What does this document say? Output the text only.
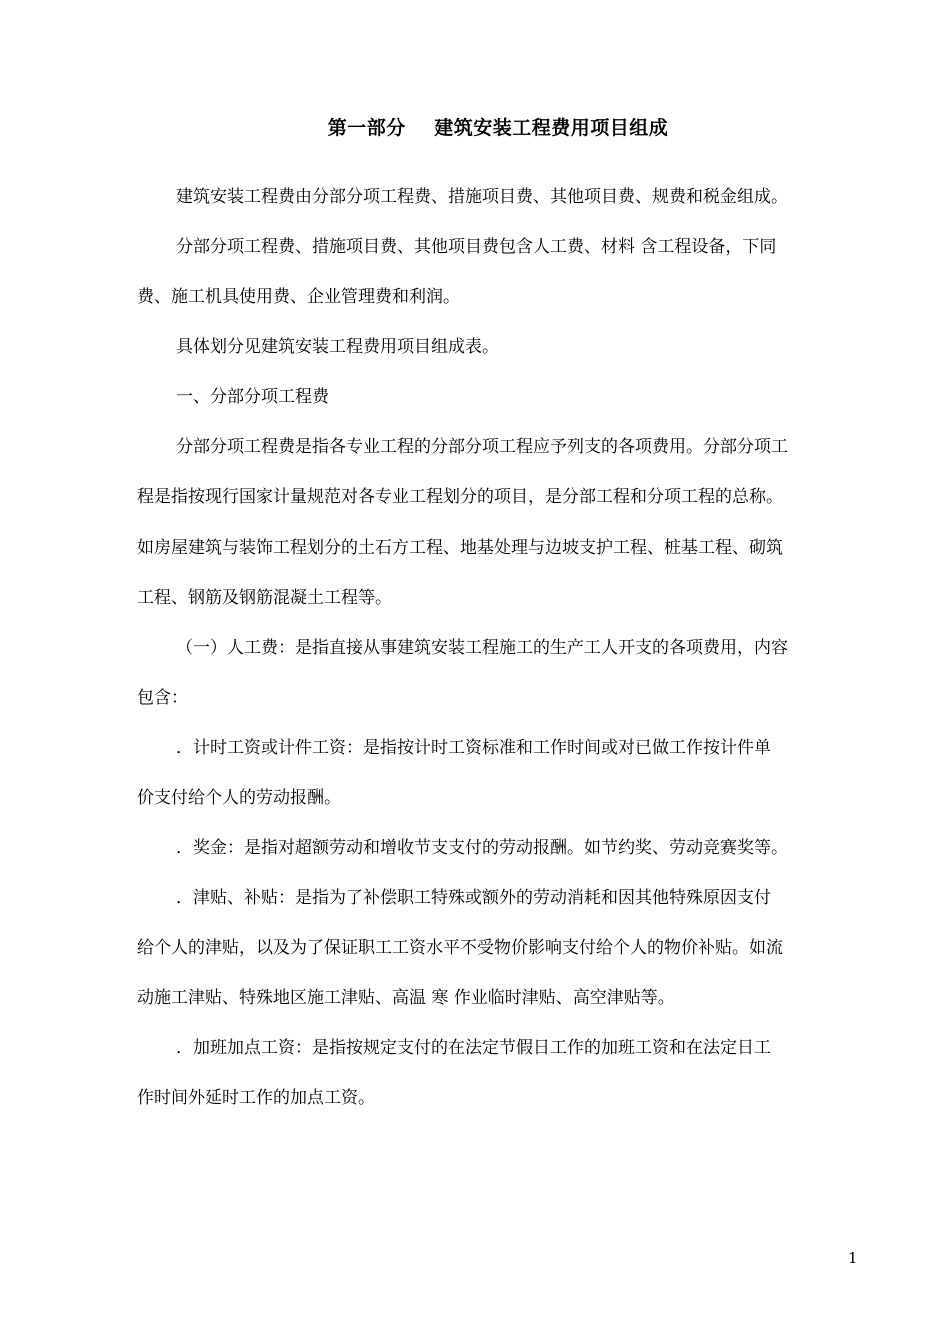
第一部分    建筑安装工程费用项目组成
建筑安装工程费由分部分项工程费、措施项目费、其他项目费、规费和税金组成。
分部分项工程费、措施项目费、其他项目费包含人工费、材料 含工程设备，下同
费、施工机具使用费、企业管理费和利润。
具体划分见建筑安装工程费用项目组成表。
一、分部分项工程费
分部分项工程费是指各专业工程的分部分项工程应予列支的各项费用。分部分项工
程是指按现行国家计量规范对各专业工程划分的项目，是分部工程和分项工程的总称。
如房屋建筑与装饰工程划分的土石方工程、地基处理与边坡支护工程、桩基工程、砌筑
工程、钢筋及钢筋混凝土工程等。
（一）人工费：是指直接从事建筑安装工程施工的生产工人开支的各项费用，内容
包含：
．计时工资或计件工资：是指按计时工资标准和工作时间或对已做工作按计件单
价支付给个人的劳动报酬。
．奖金：是指对超额劳动和增收节支支付的劳动报酬。如节约奖、劳动竞赛奖等。
．津贴、补贴：是指为了补偿职工特殊或额外的劳动消耗和因其他特殊原因支付
给个人的津贴，以及为了保证职工工资水平不受物价影响支付给个人的物价补贴。如流
动施工津贴、特殊地区施工津贴、高温 寒 作业临时津贴、高空津贴等。
．加班加点工资：是指按规定支付的在法定节假日工作的加班工资和在法定日工
作时间外延时工作的加点工资。
1
